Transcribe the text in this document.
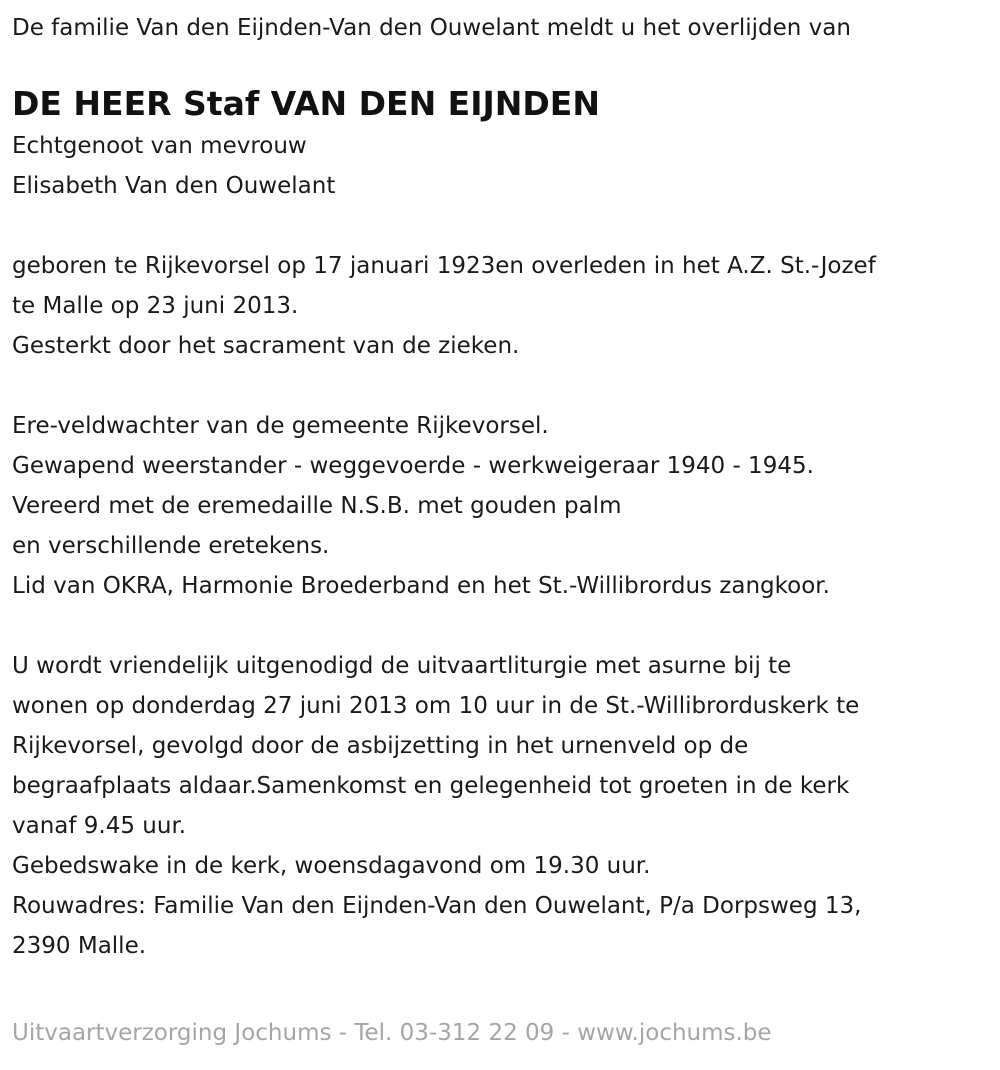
De familie Van den Eijnden-Van den Ouwelant meldt u het overlijden van
DE HEER Staf VAN DEN EIJNDEN
Echtgenoot van mevrouw
Elisabeth Van den Ouwelant
geboren te Rijkevorsel op 17 januari 1923en overleden in het A.Z. St.-Jozef
te Malle op 23 juni 2013.
Gesterkt door het sacrament van de zieken.
Ere-veldwachter van de gemeente Rijkevorsel.
Gewapend weerstander - weggevoerde - werkweigeraar 1940 - 1945.
Vereerd met de eremedaille N.S.B. met gouden palm
en verschillende eretekens.
Lid van OKRA, Harmonie Broederband en het St.-Willibrordus zangkoor.
U wordt vriendelijk uitgenodigd de uitvaartliturgie met asurne bij te
wonen op donderdag 27 juni 2013 om 10 uur in de St.-Willibrorduskerk te
Rijkevorsel, gevolgd door de asbijzetting in het urnenveld op de
begraafplaats aldaar.Samenkomst en gelegenheid tot groeten in de kerk
vanaf 9.45 uur.
Gebedswake in de kerk, woensdagavond om 19.30 uur.
Rouwadres: Familie Van den Eijnden-Van den Ouwelant, P/a Dorpsweg 13,
2390 Malle.
Uitvaartverzorging Jochums - Tel. 03-312 22 09 - www.jochums.be
